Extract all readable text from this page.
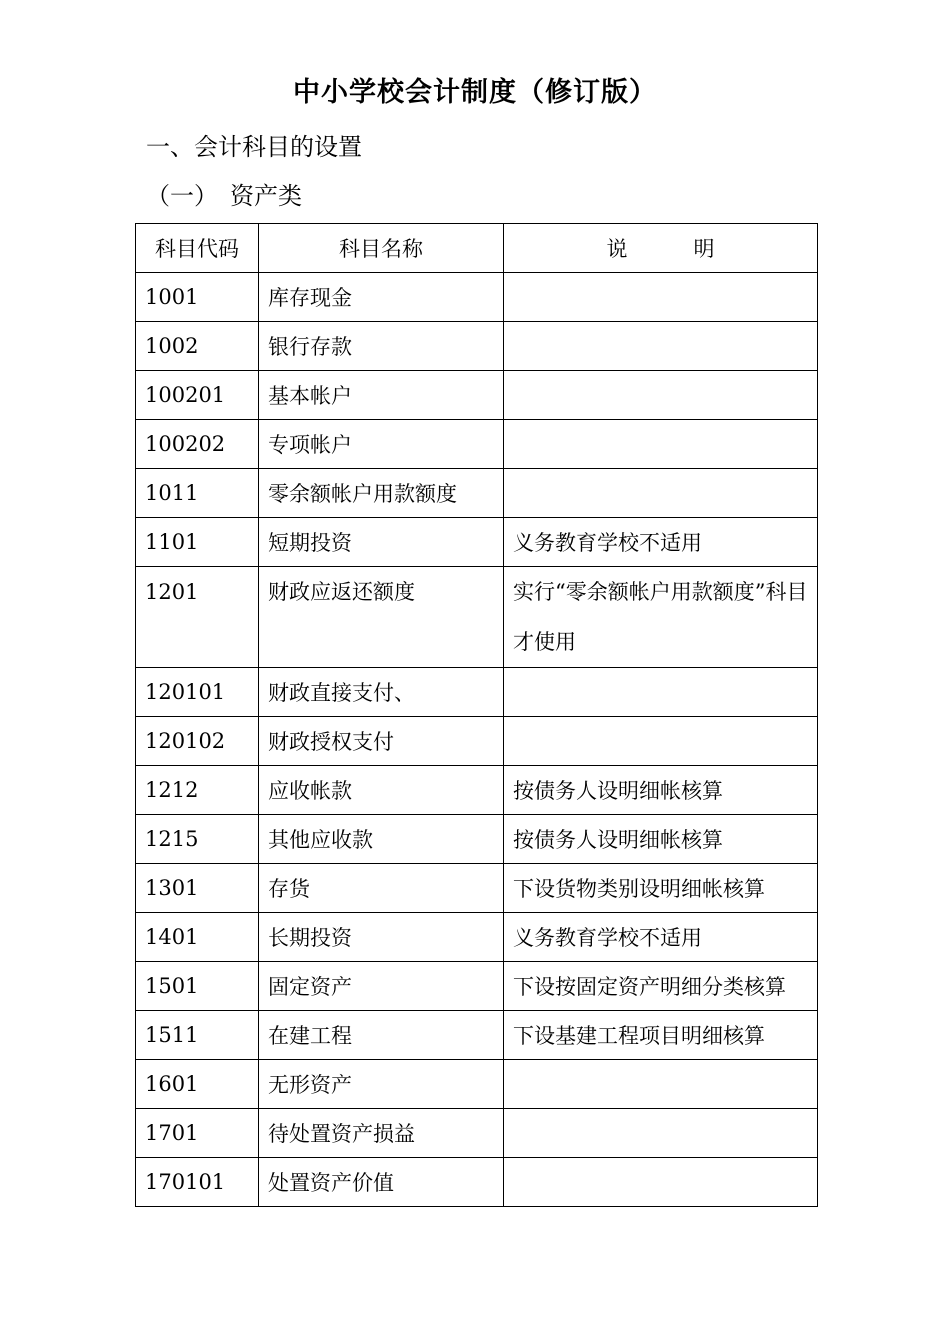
中小学校会计制度（修订版）
一、会计科目的设置
（一） 资产类
科目代码	科目名称	说 明
1001	库存现金	
1002	银行存款	
100201	基本帐户	
100202	专项帐户	
1011	零余额帐户用款额度	
1101	短期投资	义务教育学校不适用
1201	财政应返还额度	实行“零余额帐户用款额度”科目才使用
120101	财政直接支付、	
120102	财政授权支付	
1212	应收帐款	按债务人设明细帐核算
1215	其他应收款	按债务人设明细帐核算
1301	存货	下设货物类别设明细帐核算
1401	长期投资	义务教育学校不适用
1501	固定资产	下设按固定资产明细分类核算
1511	在建工程	下设基建工程项目明细核算
1601	无形资产	
1701	待处置资产损益	
170101	处置资产价值	
